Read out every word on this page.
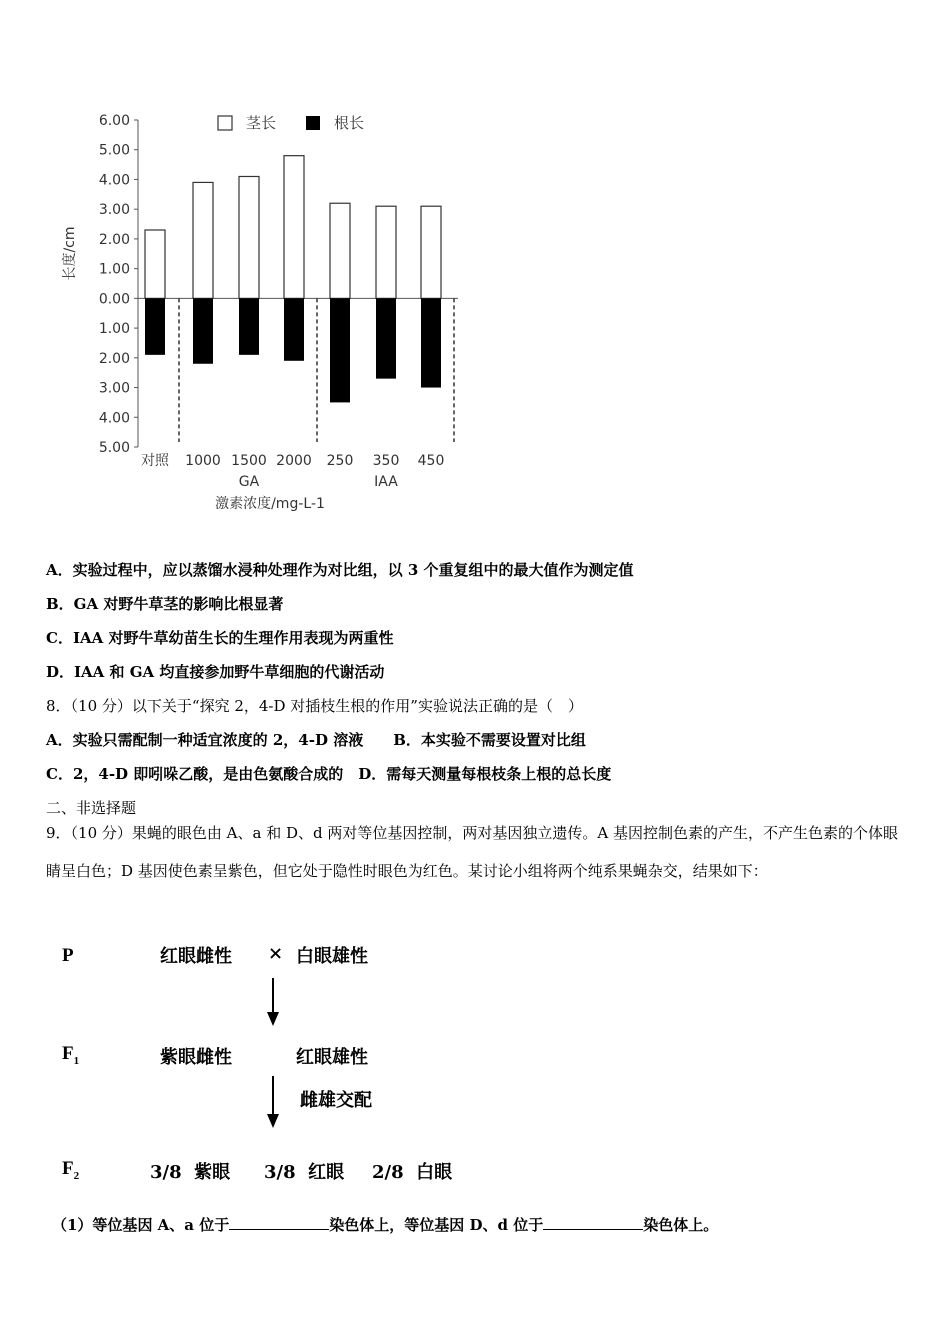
6.00
5.00
4.00
3.00
2.00
1.00
0.00
1.00
2.00
3.00
4.00
5.00
长度/cm
对照 1000 1500 2000 250 350 450
GA	IAA
激素浓度/mg-L-1
茎长	根长
A．实验过程中，应以蒸馏水浸种处理作为对比组，以 3 个重复组中的最大值作为测定值
B．GA 对野牛草茎的影响比根显著
C．IAA 对野牛草幼苗生长的生理作用表现为两重性
D．IAA 和 GA 均直接参加野牛草细胞的代谢活动
8．（10 分）以下关于“探究 2，4-D 对插枝生根的作用”实验说法正确的是（　）
A．实验只需配制一种适宜浓度的 2，4-D 溶液　　B．本实验不需要设置对比组
C．2，4-D 即吲哚乙酸，是由色氨酸合成的　D．需每天测量每根枝条上根的总长度
二、非选择题
9．（10 分）果蝇的眼色由 A、a 和 D、d 两对等位基因控制，两对基因独立遗传。A 基因控制色素的产生，不产生色素的个体眼睛呈白色；D 基因使色素呈紫色，但它处于隐性时眼色为红色。某讨论小组将两个纯系果蝇杂交，结果如下：
P	红眼雌性 × 白眼雄性
$F_1$	紫眼雌性	红眼雄性
雌雄交配
$F_2$	3/8 紫眼 3/8 红眼 2/8 白眼
（1）等位基因 A、a 位于	染色体上，等位基因 D、d 位于	染色体上。
